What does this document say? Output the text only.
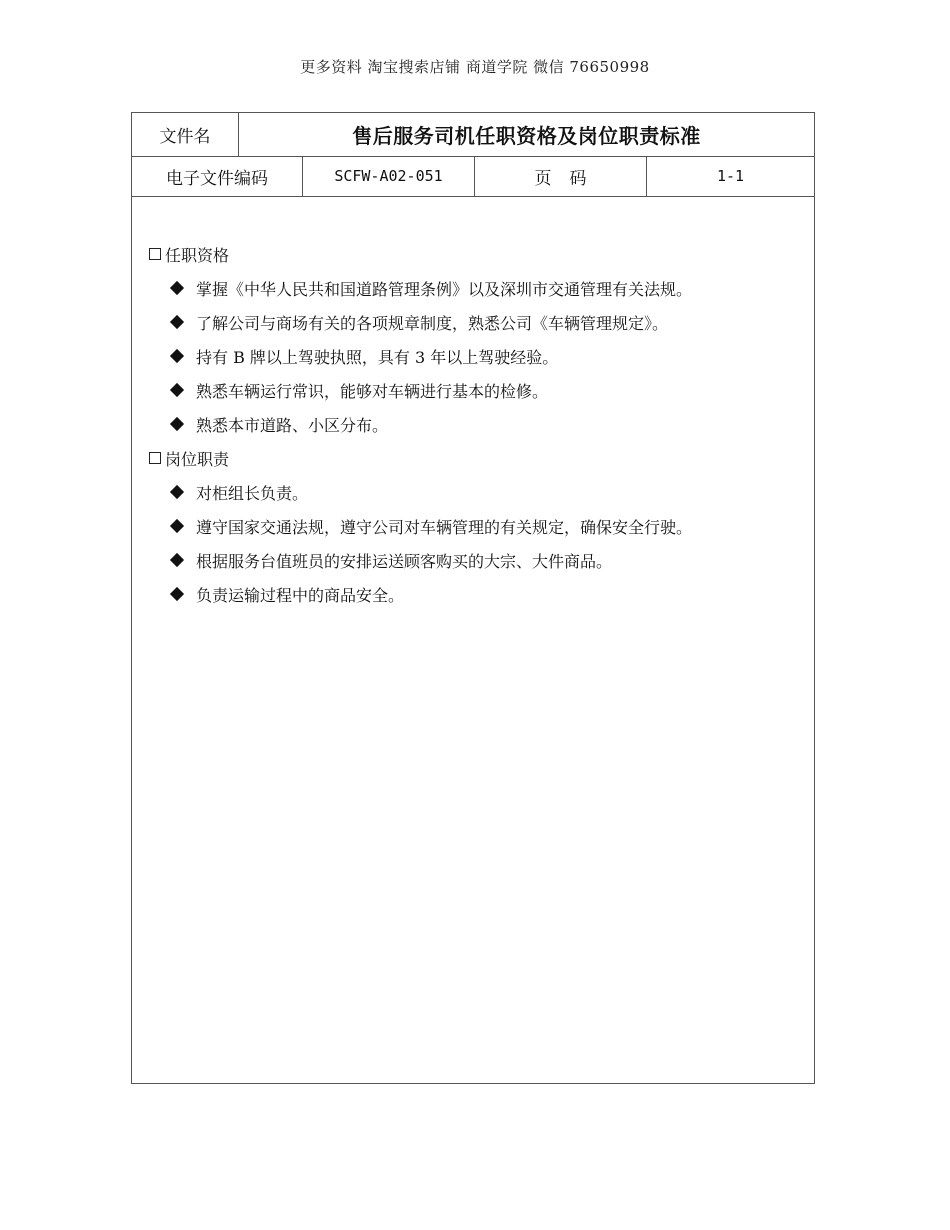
更多资料 淘宝搜索店铺 商道学院 微信 76650998
文件名	售后服务司机任职资格及岗位职责标准
电子文件编码	SCFW-A02-051	页码	1-1
任职资格
掌握《中华人民共和国道路管理条例》以及深圳市交通管理有关法规。
了解公司与商场有关的各项规章制度，熟悉公司《车辆管理规定》。
持有 B 牌以上驾驶执照，具有 3 年以上驾驶经验。
熟悉车辆运行常识，能够对车辆进行基本的检修。
熟悉本市道路、小区分布。
岗位职责
对柜组长负责。
遵守国家交通法规，遵守公司对车辆管理的有关规定，确保安全行驶。
根据服务台值班员的安排运送顾客购买的大宗、大件商品。
负责运输过程中的商品安全。
